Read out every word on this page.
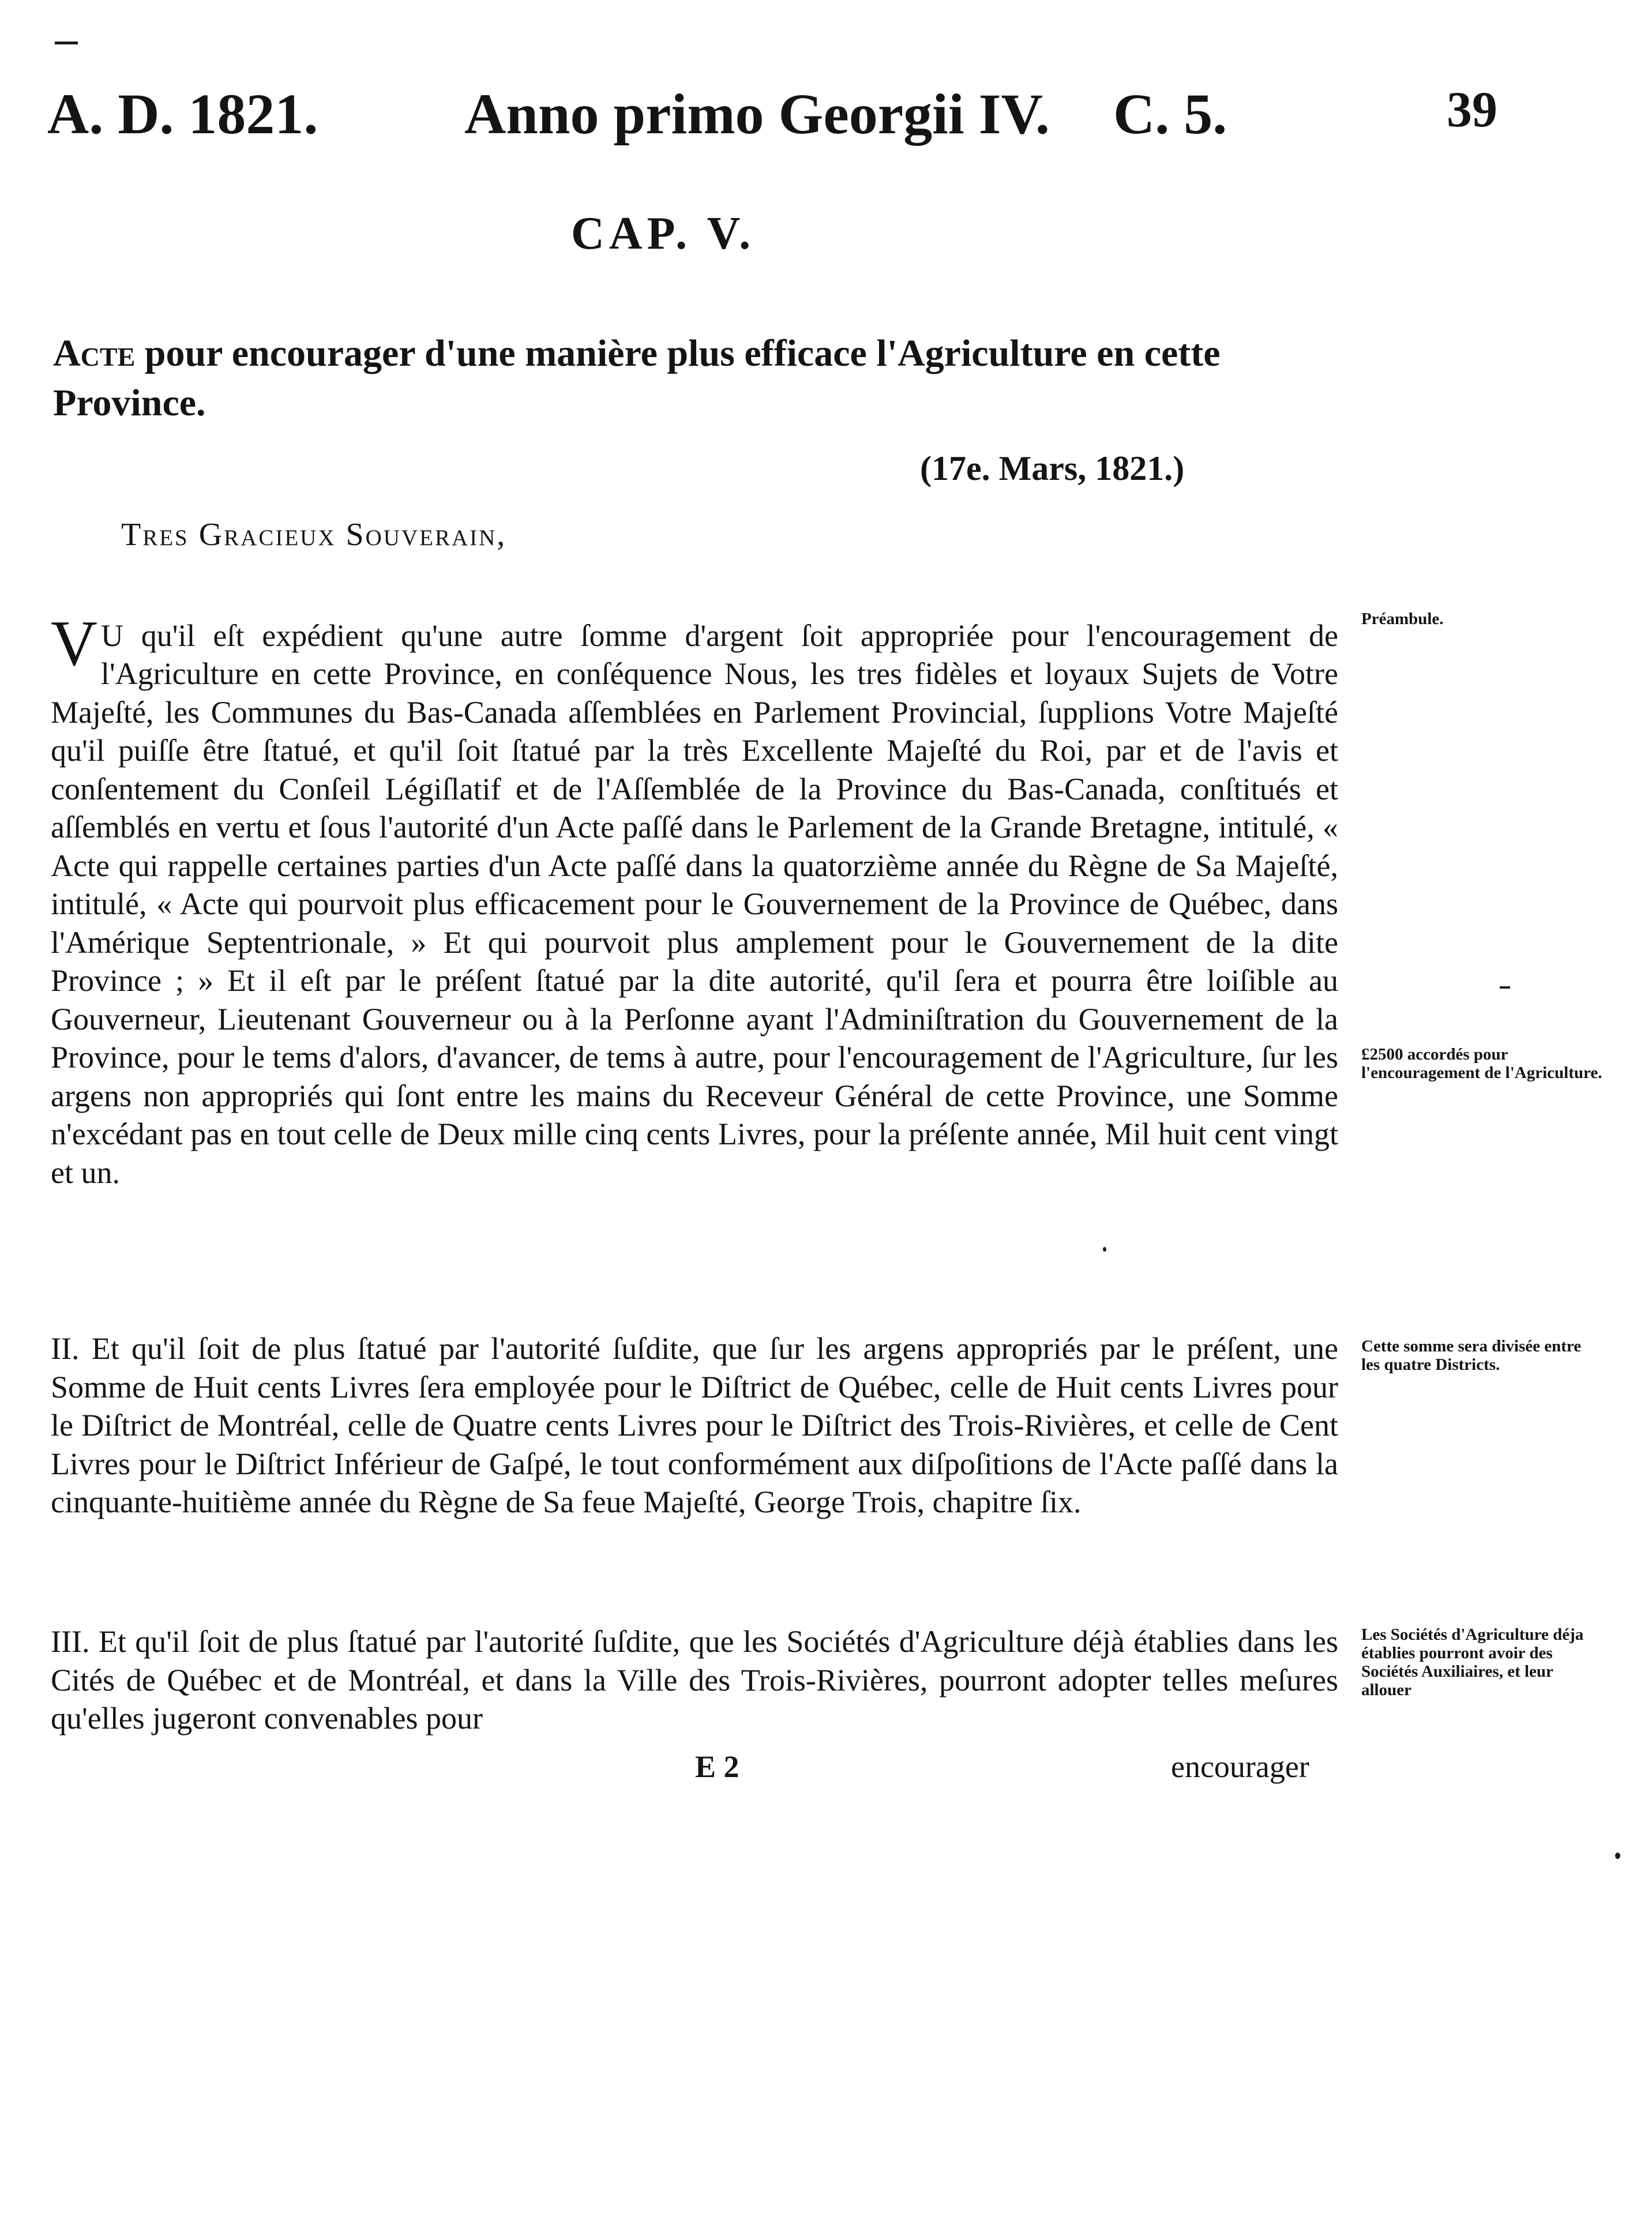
A. D. 1821.	Anno primo Georgii IV. C. 5.	39
CAP. V.
Acte pour encourager d'une manière plus efficace l'Agriculture en cette Province.
(17e. Mars, 1821.)
Tres Gracieux Souverain,

V U qu'il eſt expédient qu'une autre ſomme d'argent ſoit appropriée pour l'encouragement de l'Agriculture en cette Province, en conſéquence Nous, les tres fidèles et loyaux Sujets de Votre Majeſté, les Communes du Bas-Canada aſſemblées en Parlement Provincial, ſupplions Votre Majeſté qu'il puiſſe être ſtatué, et qu'il ſoit ſtatué par la très Excellente Majeſté du Roi, par et de l'avis et conſentement du Conſeil Légiſlatif et de l'Aſſemblée de la Province du Bas-Canada, conſtitués et aſſemblés en vertu et ſous l'autorité d'un Acte paſſé dans le Parlement de la Grande Bretagne, intitulé, « Acte qui rappelle certaines parties d'un Acte paſſé dans la quatorzième année du Règne de Sa Majeſté, intitulé, « Acte qui pourvoit plus efficacement pour le Gouvernement de la Province de Québec, dans l'Amérique Septentrionale, » Et qui pourvoit plus amplement pour le Gouvernement de la dite Province ; » Et il eſt par le préſent ſtatué par la dite autorité, qu'il ſera et pourra être loiſible au Gouverneur, Lieutenant Gouverneur ou à la Perſonne ayant l'Adminiſtration du Gouvernement de la Province, pour le tems d'alors, d'avancer, de tems à autre, pour l'encouragement de l'Agriculture, ſur les argens non appropriés qui ſont entre les mains du Receveur Général de cette Province, une Somme n'excédant pas en tout celle de Deux mille cinq cents Livres, pour la préſente année, Mil huit cent vingt et un.

II. Et qu'il ſoit de plus ſtatué par l'autorité ſuſdite, que ſur les argens appropriés par le préſent, une Somme de Huit cents Livres ſera employée pour le Diſtrict de Québec, celle de Huit cents Livres pour le Diſtrict de Montréal, celle de Quatre cents Livres pour le Diſtrict des Trois-Rivières, et celle de Cent Livres pour le Diſtrict Inférieur de Gaſpé, le tout conformément aux diſpoſitions de l'Acte paſſé dans la cinquante-huitième année du Règne de Sa feue Majeſté, George Trois, chapitre ſix.
III. Et qu'il ſoit de plus ſtatué par l'autorité ſuſdite, que les Sociétés d'Agriculture déjà établies dans les Cités de Québec et de Montréal, et dans la Ville des Trois-Rivières, pourront adopter telles meſures qu'elles jugeront convenables pour
Préambule.
£2500 accordés pour l'encouragement de l'Agriculture.
Cette somme sera divisée entre les quatre Districts.
Les Sociétés d'Agriculture déja établies pourront avoir des Sociétés Auxiliaires, et leur allouer
E 2	encourager
